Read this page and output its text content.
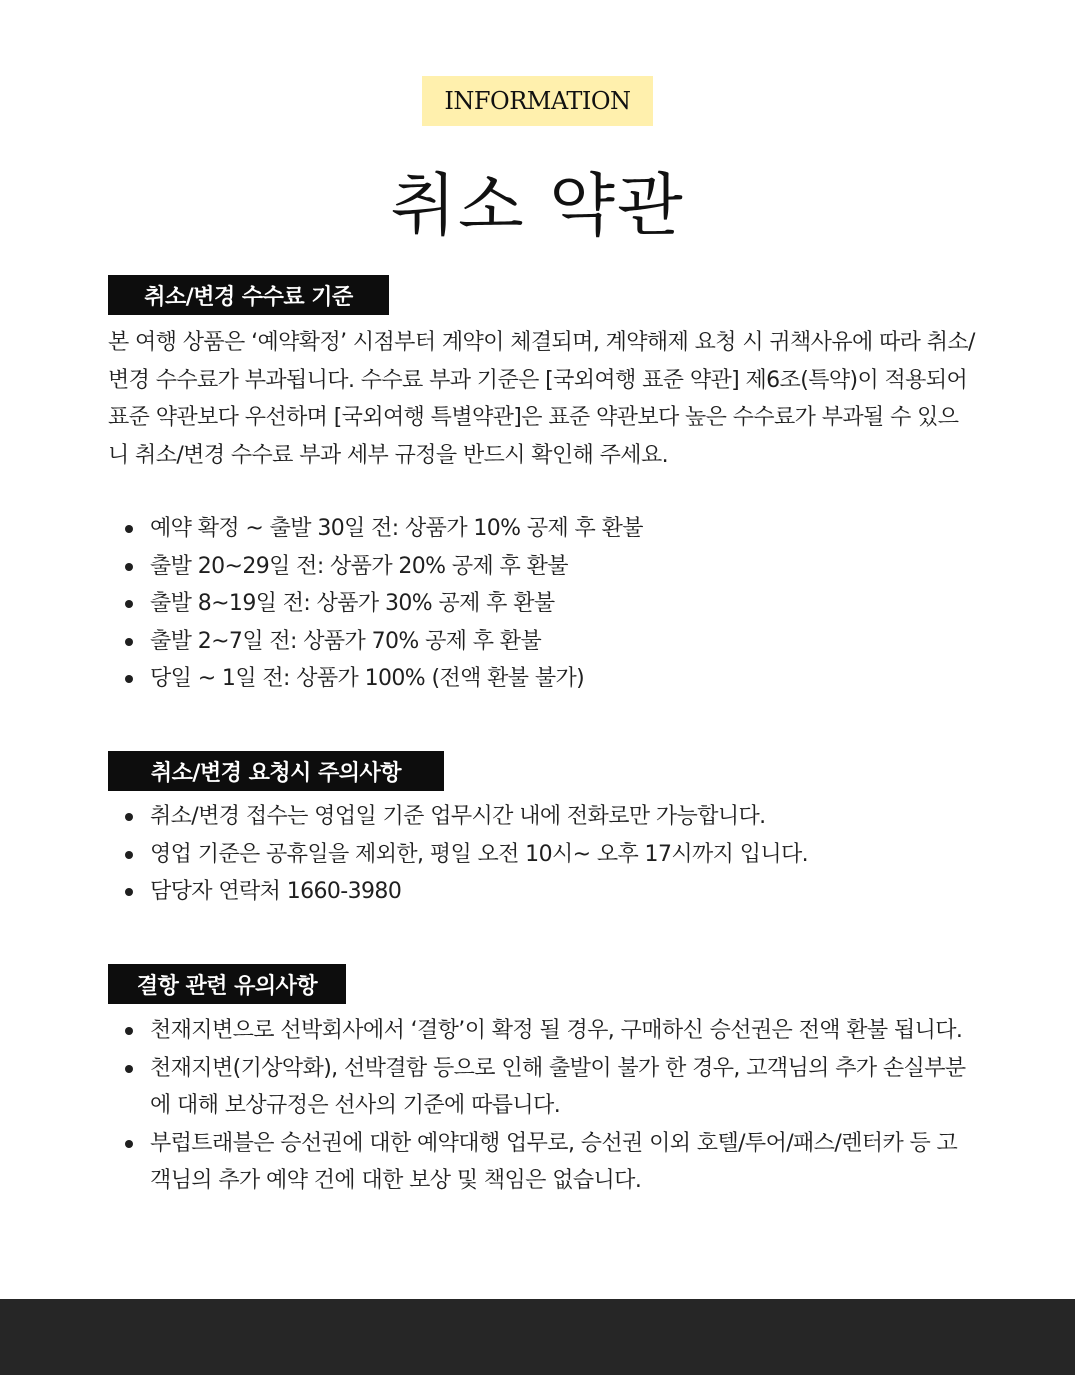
INFORMATION
취소 약관
취소/변경 수수료 기준

본 여행 상품은 ‘예약확정’ 시점부터 계약이 체결되며, 계약해제 요청 시 귀책사유에 따라 취소/변경 수수료가 부과됩니다. 수수료 부과 기준은 [국외여행 표준 약관] 제6조(특약)이 적용되어 표준 약관보다 우선하며 [국외여행 특별약관]은 표준 약관보다 높은 수수료가 부과될 수 있으니 취소/변경 수수료 부과 세부 규정을 반드시 확인해 주세요.

예약 확정 ~ 출발 30일 전: 상품가 10% 공제 후 환불
출발 20~29일 전: 상품가 20% 공제 후 환불
출발 8~19일 전: 상품가 30% 공제 후 환불
출발 2~7일 전: 상품가 70% 공제 후 환불
당일 ~ 1일 전: 상품가 100% (전액 환불 불가)
취소/변경 요청시 주의사항
취소/변경 접수는 영업일 기준 업무시간 내에 전화로만 가능합니다.
영업 기준은 공휴일을 제외한, 평일 오전 10시~ 오후 17시까지 입니다.
담당자 연락처 1660-3980
결항 관련 유의사항
천재지변으로 선박회사에서 ‘결항’이 확정 될 경우, 구매하신 승선권은 전액 환불 됩니다.
천재지변(기상악화), 선박결함 등으로 인해 출발이 불가 한 경우, 고객님의 추가 손실부분에 대해 보상규정은 선사의 기준에 따릅니다.
부럽트래블은 승선권에 대한 예약대행 업무로, 승선권 이외 호텔/투어/패스/렌터카 등 고객님의 추가 예약 건에 대한 보상 및 책임은 없습니다.
